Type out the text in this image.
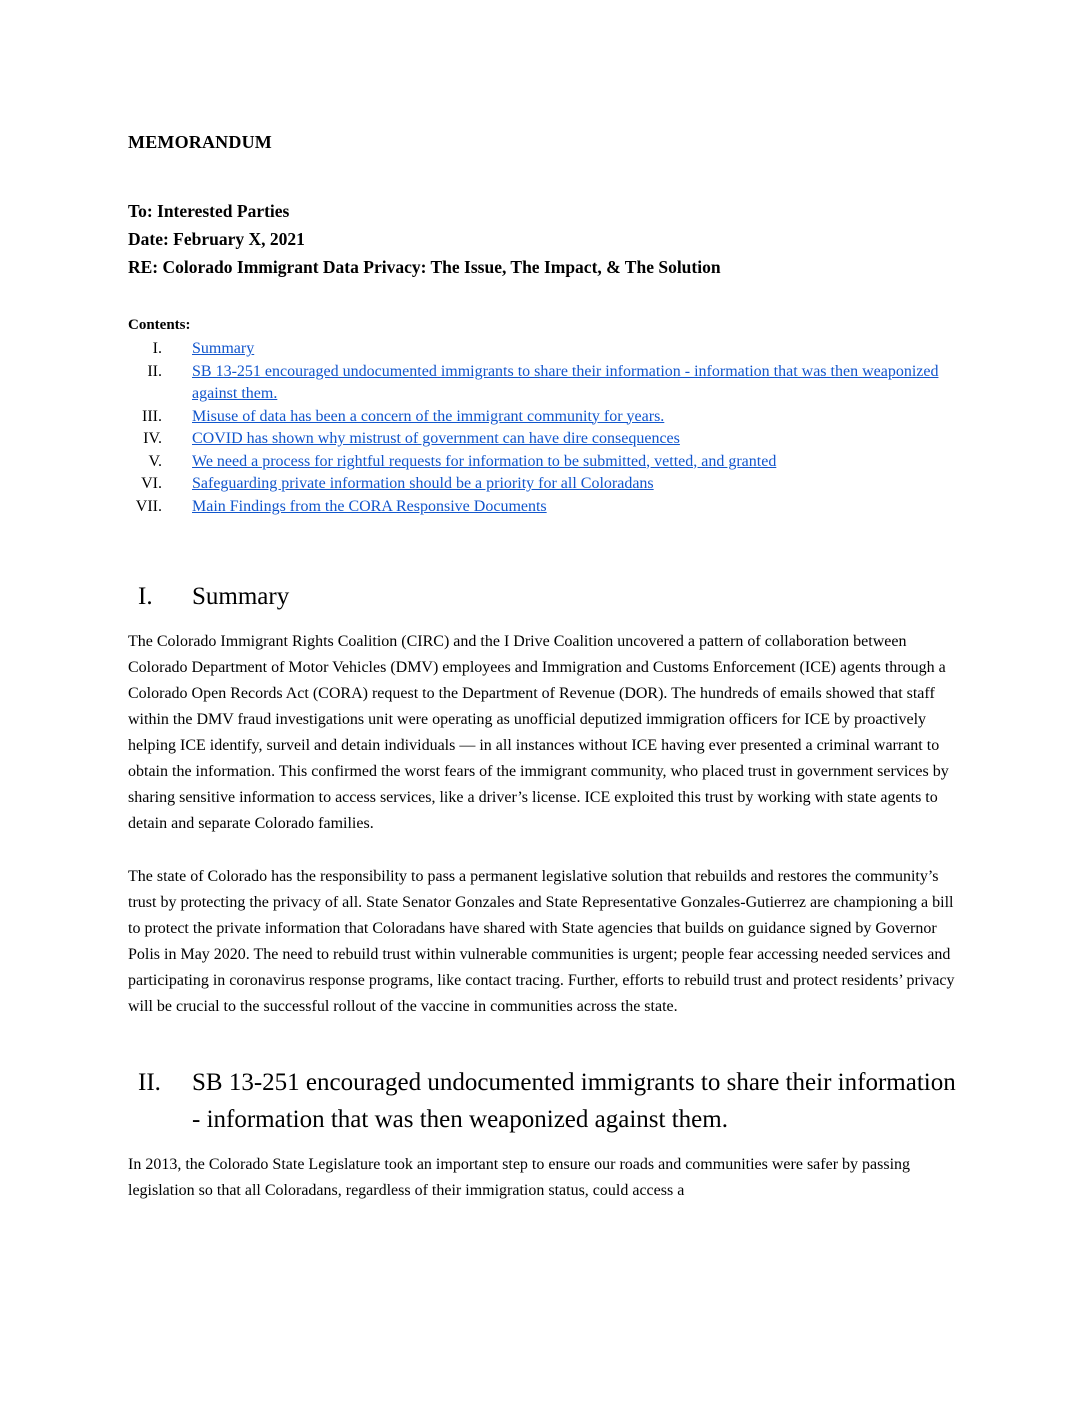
MEMORANDUM

To: Interested Parties

Date: February X, 2021

RE: Colorado Immigrant Data Privacy: The Issue, The Impact, & The Solution

Contents:

I. Summary
II. SB 13-251 encouraged undocumented immigrants to share their information - information that was then weaponized against them.
III. Misuse of data has been a concern of the immigrant community for years.
IV. COVID has shown why mistrust of government can have dire consequences
V. We need a process for rightful requests for information to be submitted, vetted, and granted
VI. Safeguarding private information should be a priority for all Coloradans
VII. Main Findings from the CORA Responsive Documents
I.	Summary

The Colorado Immigrant Rights Coalition (CIRC) and the I Drive Coalition uncovered a pattern of collaboration between Colorado Department of Motor Vehicles (DMV) employees and Immigration and Customs Enforcement (ICE) agents through a Colorado Open Records Act (CORA) request to the Department of Revenue (DOR). The hundreds of emails showed that staff within the DMV fraud investigations unit were operating as unofficial deputized immigration officers for ICE by proactively helping ICE identify, surveil and detain individuals — in all instances without ICE having ever presented a criminal warrant to obtain the information. This confirmed the worst fears of the immigrant community, who placed trust in government services by sharing sensitive information to access services, like a driver’s license. ICE exploited this trust by working with state agents to detain and separate Colorado families.

The state of Colorado has the responsibility to pass a permanent legislative solution that rebuilds and restores the community’s trust by protecting the privacy of all. State Senator Gonzales and State Representative Gonzales-Gutierrez are championing a bill to protect the private information that Coloradans have shared with State agencies that builds on guidance signed by Governor Polis in May 2020. The need to rebuild trust within vulnerable communities is urgent; people fear accessing needed services and participating in coronavirus response programs, like contact tracing. Further, efforts to rebuild trust and protect residents’ privacy will be crucial to the successful rollout of the vaccine in communities across the state.

II.	SB 13-251 encouraged undocumented immigrants to share their information - information that was then weaponized against them.

In 2013, the Colorado State Legislature took an important step to ensure our roads and communities were safer by passing legislation so that all Coloradans, regardless of their immigration status, could access a
